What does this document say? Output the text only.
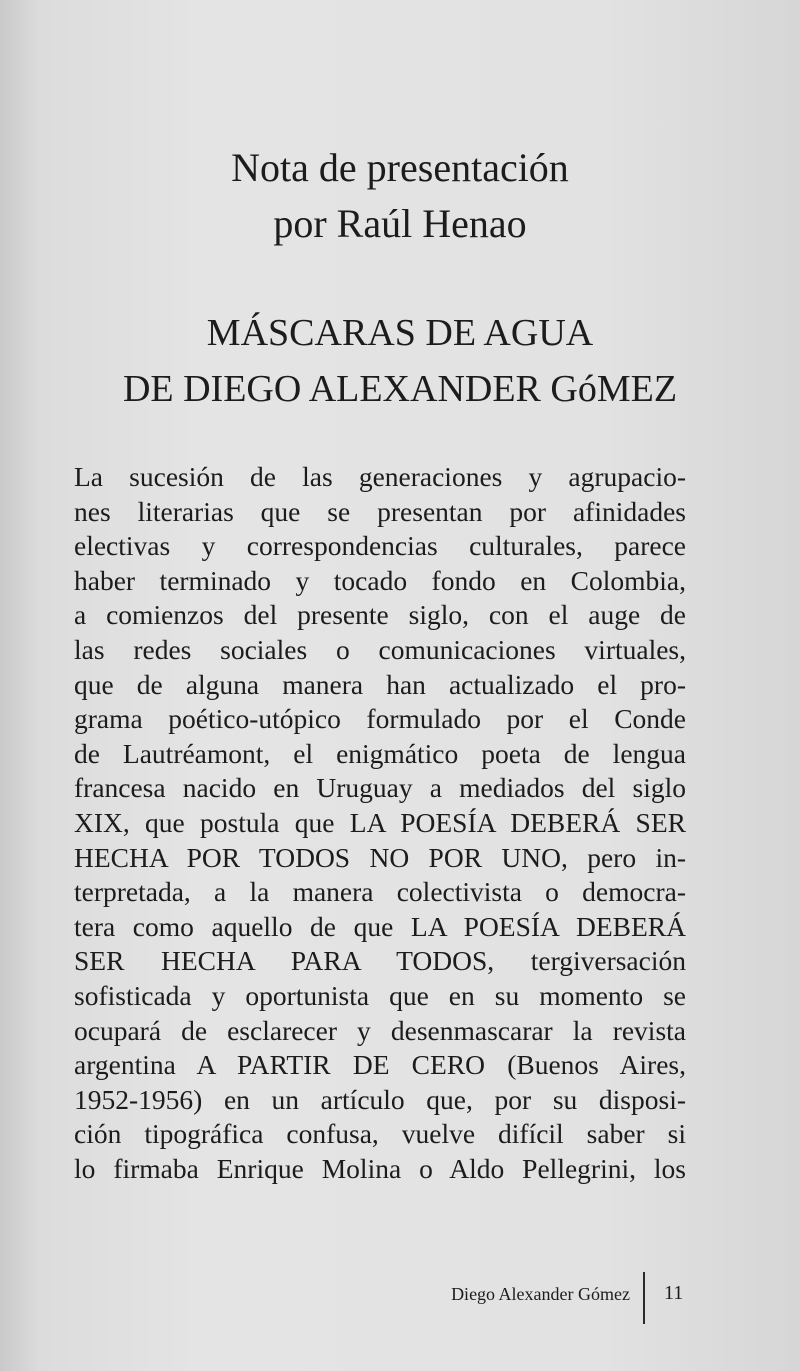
Nota de presentación
por Raúl Henao
MÁSCARAS DE AGUA
DE DIEGO ALEXANDER GóMEZ
La sucesión de las generaciones y agrupacio-
nes literarias que se presentan por afinidades
electivas y correspondencias culturales, parece
haber terminado y tocado fondo en Colombia,
a comienzos del presente siglo, con el auge de
las redes sociales o comunicaciones virtuales,
que de alguna manera han actualizado el pro-
grama poético-utópico formulado por el Conde
de Lautréamont, el enigmático poeta de lengua
francesa nacido en Uruguay a mediados del siglo
XIX, que postula que LA POESÍA DEBERÁ SER
HECHA POR TODOS NO POR UNO, pero in-
terpretada, a la manera colectivista o democra-
tera como aquello de que LA POESÍA DEBERÁ
SER HECHA PARA TODOS, tergiversación
sofisticada y oportunista que en su momento se
ocupará de esclarecer y desenmascarar la revista
argentina A PARTIR DE CERO (Buenos Aires,
1952-1956) en un artículo que, por su disposi-
ción tipográfica confusa, vuelve difícil saber si
lo firmaba Enrique Molina o Aldo Pellegrini, los
Diego Alexander Gómez 11
